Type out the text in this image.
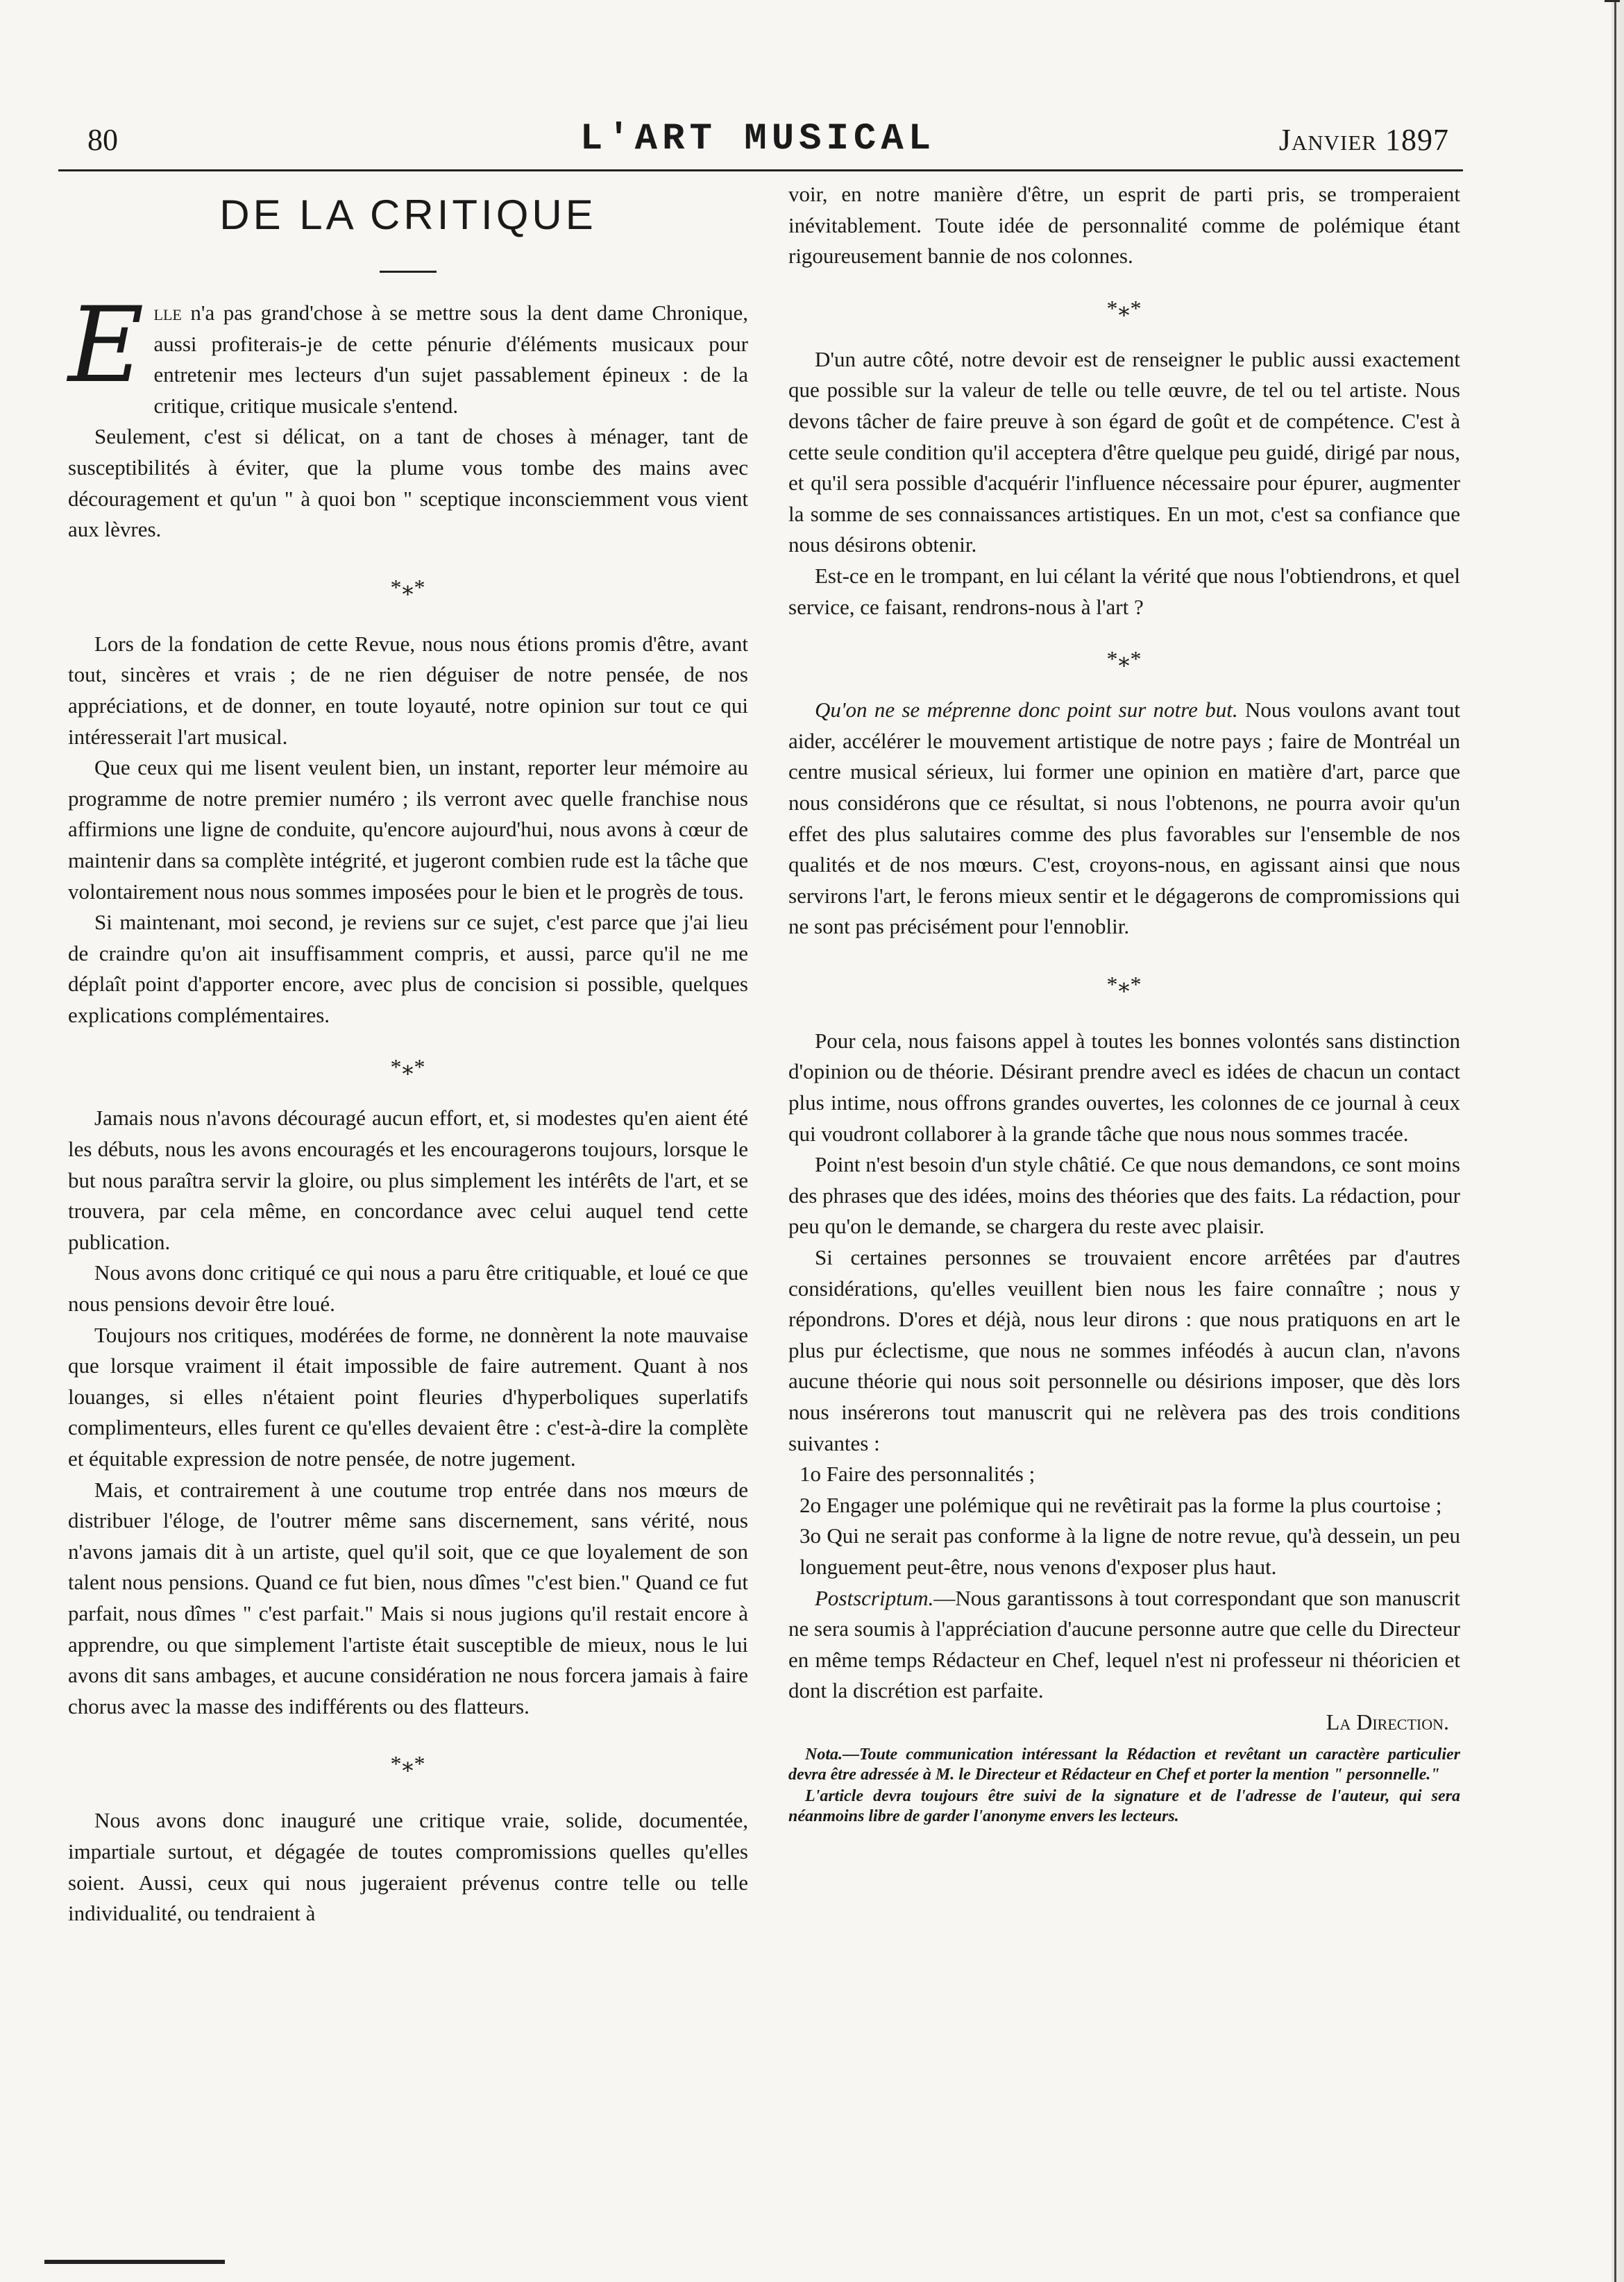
80	L'ART MUSICAL	Janvier 1897
DE LA CRITIQUE

Elle n'a pas grand'chose à se mettre sous la dent dame Chronique, aussi profiterais-je de cette pénurie d'éléments musicaux pour entretenir mes lecteurs d'un sujet passablement épineux : de la critique, critique musicale s'entend.

Seulement, c'est si délicat, on a tant de choses à ménager, tant de susceptibilités à éviter, que la plume vous tombe des mains avec découragement et qu'un " à quoi bon " sceptique inconsciemment vous vient aux lèvres.

*⁎*

Lors de la fondation de cette Revue, nous nous étions promis d'être, avant tout, sincères et vrais ; de ne rien déguiser de notre pensée, de nos appréciations, et de donner, en toute loyauté, notre opinion sur tout ce qui intéresserait l'art musical.

Que ceux qui me lisent veulent bien, un instant, reporter leur mémoire au programme de notre premier numéro ; ils verront avec quelle franchise nous affirmions une ligne de conduite, qu'encore aujourd'hui, nous avons à cœur de maintenir dans sa complète intégrité, et jugeront combien rude est la tâche que volontairement nous nous sommes imposées pour le bien et le progrès de tous.

Si maintenant, moi second, je reviens sur ce sujet, c'est parce que j'ai lieu de craindre qu'on ait insuffisamment compris, et aussi, parce qu'il ne me déplaît point d'apporter encore, avec plus de concision si possible, quelques explications complémentaires.

*⁎*

Jamais nous n'avons découragé aucun effort, et, si modestes qu'en aient été les débuts, nous les avons encouragés et les encouragerons toujours, lorsque le but nous paraîtra servir la gloire, ou plus simplement les intérêts de l'art, et se trouvera, par cela même, en concordance avec celui auquel tend cette publication.

Nous avons donc critiqué ce qui nous a paru être critiquable, et loué ce que nous pensions devoir être loué.

Toujours nos critiques, modérées de forme, ne donnèrent la note mauvaise que lorsque vraiment il était impossible de faire autrement. Quant à nos louanges, si elles n'étaient point fleuries d'hyperboliques superlatifs complimenteurs, elles furent ce qu'elles devaient être : c'est-à-dire la complète et équitable expression de notre pensée, de notre jugement.

Mais, et contrairement à une coutume trop entrée dans nos mœurs de distribuer l'éloge, de l'outrer même sans discernement, sans vérité, nous n'avons jamais dit à un artiste, quel qu'il soit, que ce que loyalement de son talent nous pensions. Quand ce fut bien, nous dîmes "c'est bien." Quand ce fut parfait, nous dîmes " c'est parfait." Mais si nous jugions qu'il restait encore à apprendre, ou que simplement l'artiste était susceptible de mieux, nous le lui avons dit sans ambages, et aucune considération ne nous forcera jamais à faire chorus avec la masse des indifférents ou des flatteurs.

*⁎*

Nous avons donc inauguré une critique vraie, solide, documentée, impartiale surtout, et dégagée de toutes compromissions quelles qu'elles soient. Aussi, ceux qui nous jugeraient prévenus contre telle ou telle individualité, ou tendraient à

voir, en notre manière d'être, un esprit de parti pris, se tromperaient inévitablement. Toute idée de personnalité comme de polémique étant rigoureusement bannie de nos colonnes.

*⁎*

D'un autre côté, notre devoir est de renseigner le public aussi exactement que possible sur la valeur de telle ou telle œuvre, de tel ou tel artiste. Nous devons tâcher de faire preuve à son égard de goût et de compétence. C'est à cette seule condition qu'il acceptera d'être quelque peu guidé, dirigé par nous, et qu'il sera possible d'acquérir l'influence nécessaire pour épurer, augmenter la somme de ses connaissances artistiques. En un mot, c'est sa confiance que nous désirons obtenir.

Est-ce en le trompant, en lui célant la vérité que nous l'obtiendrons, et quel service, ce faisant, rendrons-nous à l'art ?

*⁎*

Qu'on ne se méprenne donc point sur notre but. Nous voulons avant tout aider, accélérer le mouvement artistique de notre pays ; faire de Montréal un centre musical sérieux, lui former une opinion en matière d'art, parce que nous considérons que ce résultat, si nous l'obtenons, ne pourra avoir qu'un effet des plus salutaires comme des plus favorables sur l'ensemble de nos qualités et de nos mœurs. C'est, croyons-nous, en agissant ainsi que nous servirons l'art, le ferons mieux sentir et le dégagerons de compromissions qui ne sont pas précisément pour l'ennoblir.

*⁎*

Pour cela, nous faisons appel à toutes les bonnes volontés sans distinction d'opinion ou de théorie. Désirant prendre avecl es idées de chacun un contact plus intime, nous offrons grandes ouvertes, les colonnes de ce journal à ceux qui voudront collaborer à la grande tâche que nous nous sommes tracée.

Point n'est besoin d'un style châtié. Ce que nous demandons, ce sont moins des phrases que des idées, moins des théories que des faits. La rédaction, pour peu qu'on le demande, se chargera du reste avec plaisir.

Si certaines personnes se trouvaient encore arrêtées par d'autres considérations, qu'elles veuillent bien nous les faire connaître ; nous y répondrons. D'ores et déjà, nous leur dirons : que nous pratiquons en art le plus pur éclectisme, que nous ne sommes inféodés à aucun clan, n'avons aucune théorie qui nous soit personnelle ou désirions imposer, que dès lors nous insérerons tout manuscrit qui ne relèvera pas des trois conditions suivantes :

1o Faire des personnalités ;

2o Engager une polémique qui ne revêtirait pas la forme la plus courtoise ;

3o Qui ne serait pas conforme à la ligne de notre revue, qu'à dessein, un peu longuement peut-être, nous venons d'exposer plus haut.

Postscriptum.—Nous garantissons à tout correspondant que son manuscrit ne sera soumis à l'appréciation d'aucune personne autre que celle du Directeur en même temps Rédacteur en Chef, lequel n'est ni professeur ni théoricien et dont la discrétion est parfaite.

La Direction.

Nota.—Toute communication intéressant la Rédaction et revêtant un caractère particulier devra être adressée à M. le Directeur et Rédacteur en Chef et porter la mention " personnelle."

L'article devra toujours être suivi de la signature et de l'adresse de l'auteur, qui sera néanmoins libre de garder l'anonyme envers les lecteurs.
